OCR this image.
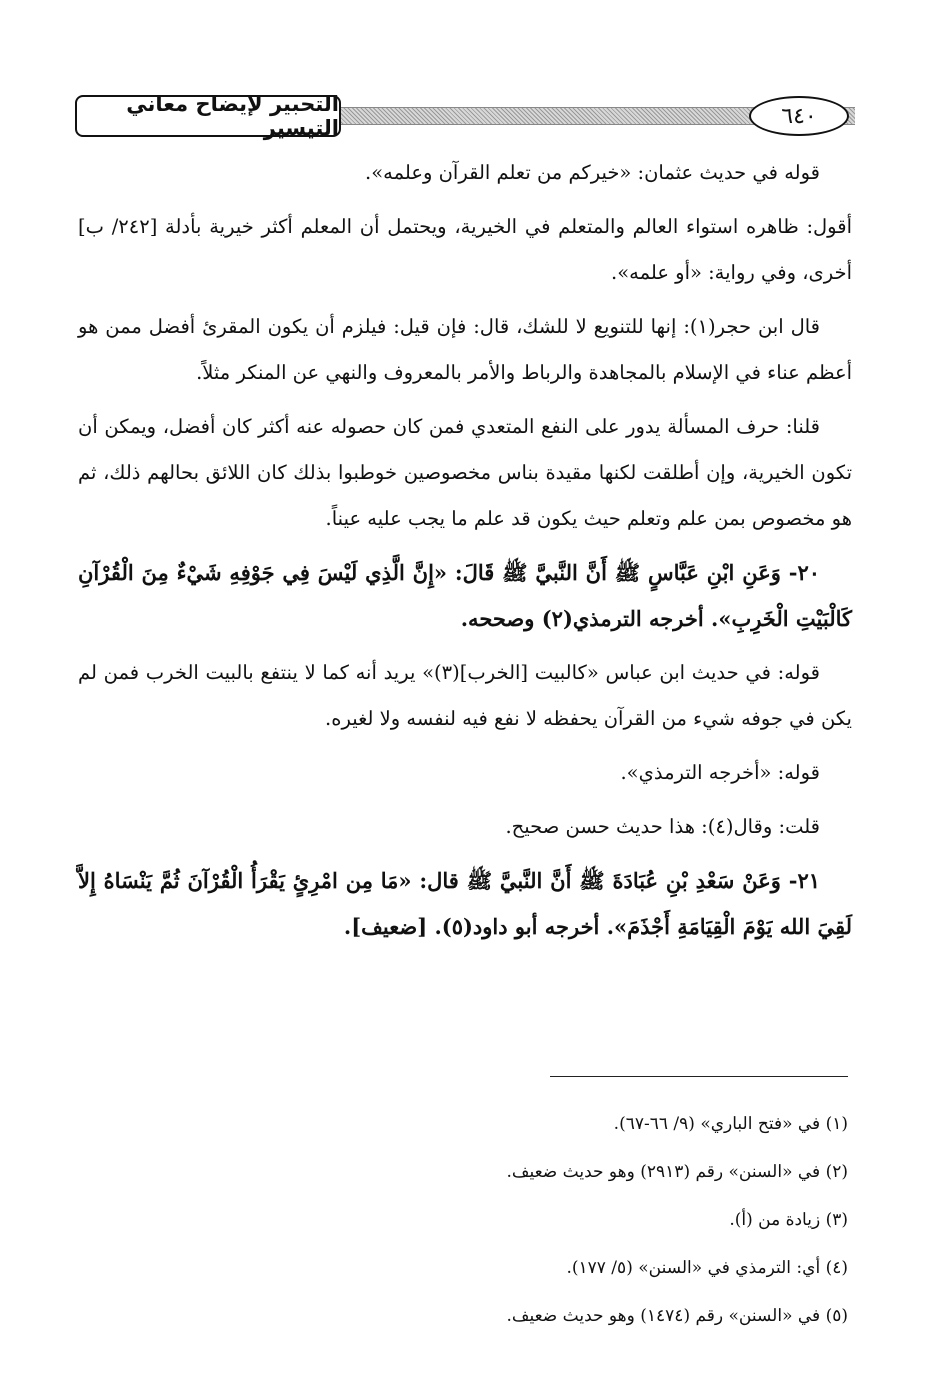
التحبير لإيضاح معاني التيسير	٦٤٠

قوله في حديث عثمان: «خيركم من تعلم القرآن وعلمه».

أقول: ظاهره استواء العالم والمتعلم في الخيرية، ويحتمل أن المعلم أكثر خيرية بأدلة [٢٤٢/ ب] أخرى، وفي رواية: «أو علمه».

قال ابن حجر(١): إنها للتنويع لا للشك، قال: فإن قيل: فيلزم أن يكون المقرئ أفضل ممن هو أعظم عناء في الإسلام بالمجاهدة والرباط والأمر بالمعروف والنهي عن المنكر مثلاً.

قلنا: حرف المسألة يدور على النفع المتعدي فمن كان حصوله عنه أكثر كان أفضل، ويمكن أن تكون الخيرية، وإن أطلقت لكنها مقيدة بناس مخصوصين خوطبوا بذلك كان اللائق بحالهم ذلك، ثم هو مخصوص بمن علم وتعلم حيث يكون قد علم ما يجب عليه عيناً.

٢٠- وَعَنِ ابْنِ عَبَّاسٍ ﷺ أَنَّ النَّبيَّ ﷺ قَالَ: «إِنَّ الَّذِي لَيْسَ فِي جَوْفِهِ شَيْءٌ مِنَ الْقُرْآنِ كَالْبَيْتِ الْخَرِبِ». أخرجه الترمذي(٢) وصححه.

قوله: في حديث ابن عباس «كالبيت [الخرب](٣)» يريد أنه كما لا ينتفع بالبيت الخرب فمن لم يكن في جوفه شيء من القرآن يحفظه لا نفع فيه لنفسه ولا لغيره.

قوله: «أخرجه الترمذي».

قلت: وقال(٤): هذا حديث حسن صحيح.

٢١- وَعَنْ سَعْدِ بْنِ عُبَادَةَ ﷺ أَنَّ النَّبيَّ ﷺ قال: «مَا مِن امْرِئٍ يَقْرَأُ الْقُرْآنَ ثُمَّ يَنْسَاهُ إِلاَّ لَقِيَ الله يَوْمَ الْقِيَامَةِ أَجْذَمَ». أخرجه أبو داود(٥). [ضعيف].

(١) في «فتح الباري» (٩/ ٦٦-٦٧).
(٢) في «السنن» رقم (٢٩١٣) وهو حديث ضعيف.
(٣) زيادة من (أ).
(٤) أي: الترمذي في «السنن» (٥/ ١٧٧).
(٥) في «السنن» رقم (١٤٧٤) وهو حديث ضعيف.
